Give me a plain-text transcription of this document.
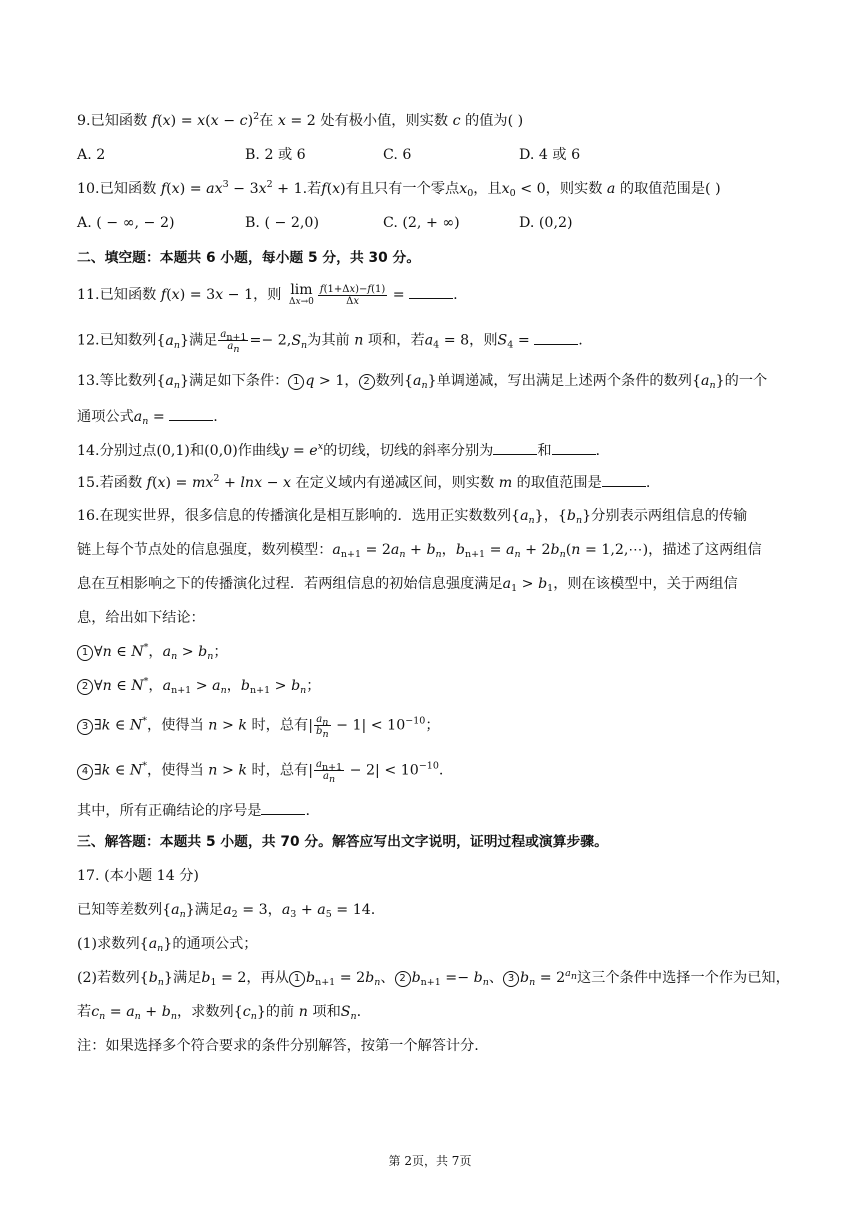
9.已知函数 $f(x) = x(x - c)^2$在 x = 2 处有极小值，则实数 c 的值为( )
A. 2	B. 2 或 6	C. 6	D. 4 或 6
10.已知函数 $f(x) = ax^3 - 3x^2 + 1$.若f(x)有且只有一个零点$x_0$，且$x_0 < 0$，则实数 a 的取值范围是( )
A. ( − ∞, − 2)	B. ( − 2,0)	C. (2, + ∞)	D. (0,2)
二、填空题：本题共 6 小题，每小题 5 分，共 30 分。
11.已知函数 f(x) = 3x − 1，则 lim
$\Delta x\to 0 \frac{f(1+\Delta x)-f(1)}{\Delta x}$ =	.
12.已知数列$\{a_n\}$满足 $\frac{a_{n+1}}{a_n} =- 2,S_n$为其前 n 项和，若$a_4 = 8$，则$S_4$ =	.
13.等比数列$\{a_n\}$满足如下条件： 1 q > 1， 2 数列$\{a_n\}$单调递减，写出满足上述两个条件的数列$\{a_n\}$的一个
通项公式$a_n$ =	.
14.分别过点(0,1)和(0,0)作曲线$y = e^x$的切线，切线的斜率分别为	和	.
15.若函数 $f(x) = mx^2 + \ln x - x$ 在定义域内有递减区间，则实数 m 的取值范围是	.
16.在现实世界，很多信息的传播演化是相互影响的．选用正实数数列$\{a_n\}$，$\{b_n\}$分别表示两组信息的传输
链上每个节点处的信息强度，数列模型：$a_{n+1} = 2a_n + b_n$，$b_{n+1} = a_n + 2b_n(n$ = 1,2,⋯)，描述了这两组信
息在互相影响之下的传播演化过程．若两组信息的初始信息强度满足$a_1 > b_1$，则在该模型中，关于两组信
息，给出如下结论：
1 ∀n ∈ N*，$a_n > b_n$；
2 ∀n ∈ N*，$a_{n+1} > a_n$，$b_{n+1} > b_n$；
3 ∃k ∈ N*，使得当 n > k 时，总有| $\frac{a_n}{b_n} - 1| < 10^{-10}$；
4 ∃k ∈ N*，使得当 n > k 时，总有| $\frac{a_{n+1}}{a_n} - 2| < 10^{-10}$.
其中，所有正确结论的序号是	.
三、解答题：本题共 5 小题，共 70 分。解答应写出文字说明，证明过程或演算步骤。
17. (本小题 14 分)
已知等差数列$\{a_n\}$满足$a_2 = 3$，$a_3 + a_5 = 14$.
(1)求数列$\{a_n\}$的通项公式；
(2)若数列$\{b_n\}$满足$b_1 = 2$，再从 1 $b_{n+1} = 2b_n$、 2 $b_{n+1} =- b_n$、 3 $b_n = 2^{a_n}$这三个条件中选择一个作为已知，
若$c_n = a_n + b_n$，求数列$\{c_n\}$的前 n 项和$S_n$.
注：如果选择多个符合要求的条件分别解答，按第一个解答计分.
第 2页，共 7页
